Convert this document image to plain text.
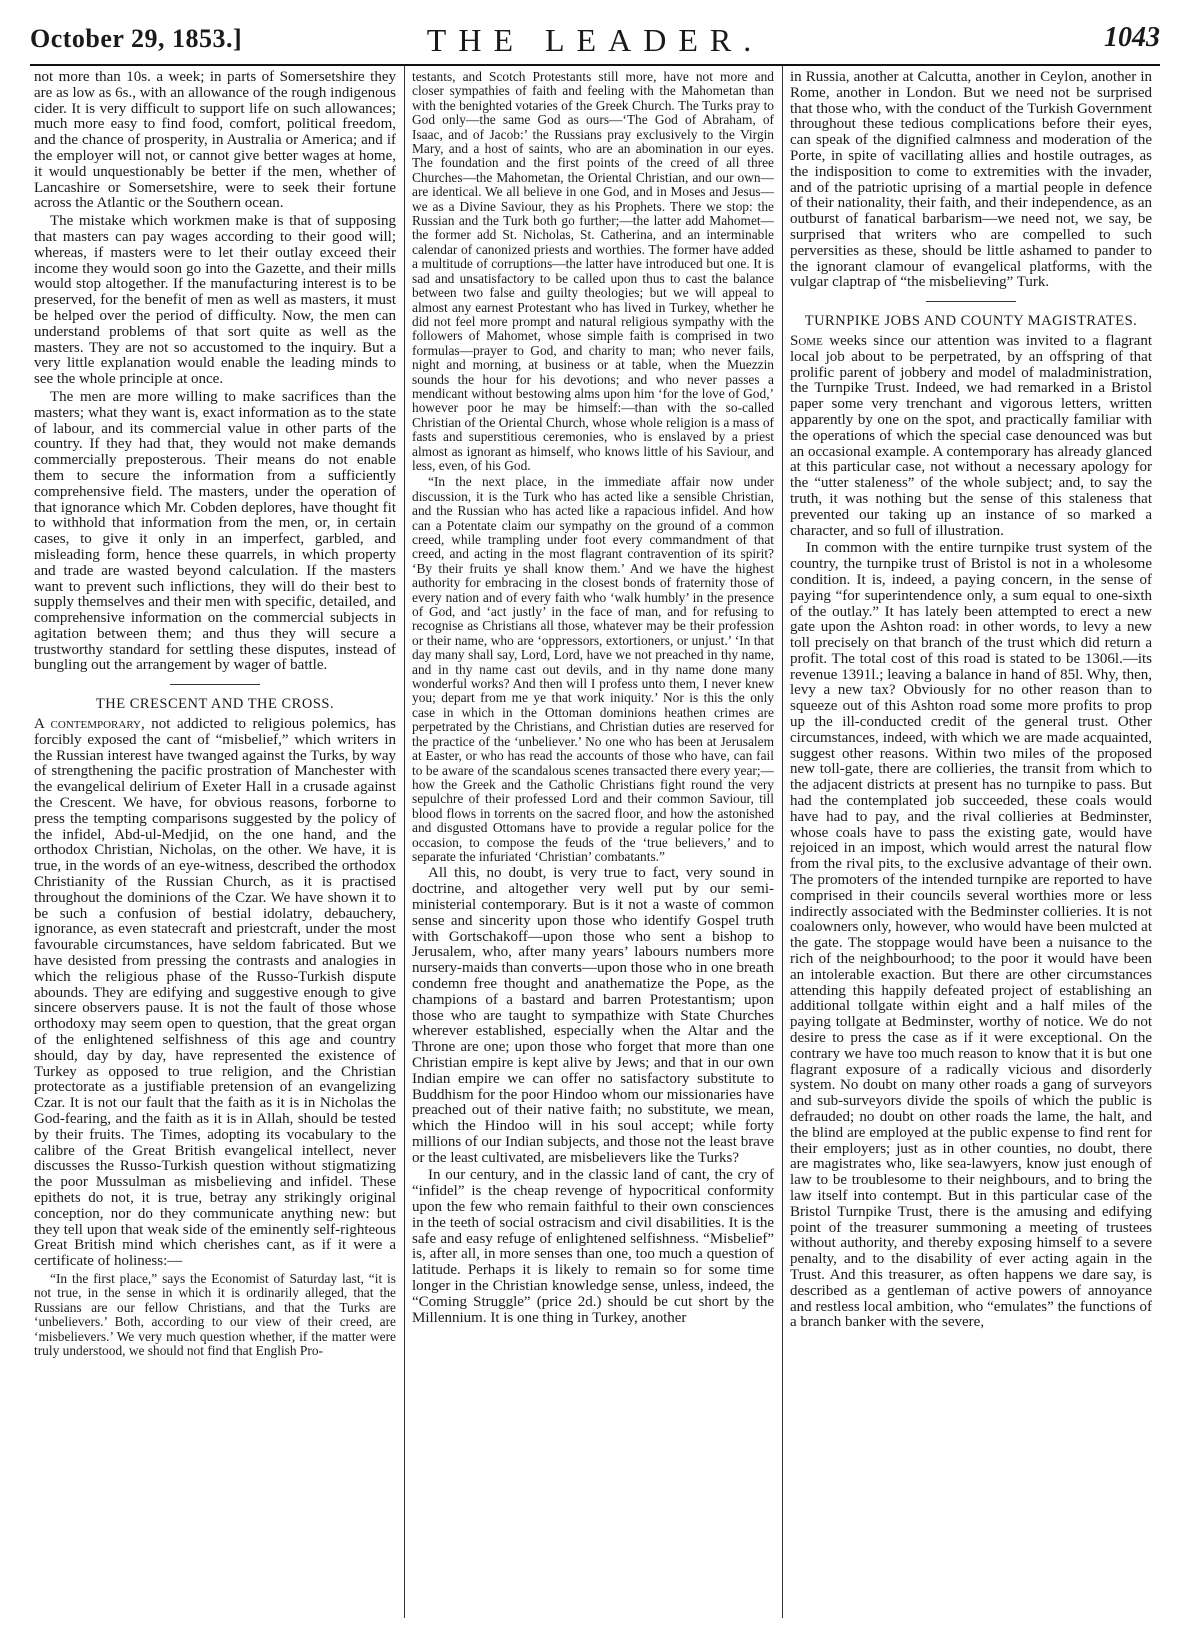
October 29, 1853.]	THE LEADER.	1043

not more than 10s. a week; in parts of Somersetshire they are as low as 6s., with an allowance of the rough indigenous cider. It is very difficult to support life on such allowances; much more easy to find food, comfort, political freedom, and the chance of prosperity, in Australia or America; and if the employer will not, or cannot give better wages at home, it would unquestionably be better if the men, whether of Lancashire or Somersetshire, were to seek their fortune across the Atlantic or the Southern ocean.

The mistake which workmen make is that of supposing that masters can pay wages according to their good will; whereas, if masters were to let their outlay exceed their income they would soon go into the Gazette, and their mills would stop altogether. If the manufacturing interest is to be preserved, for the benefit of men as well as masters, it must be helped over the period of difficulty. Now, the men can understand problems of that sort quite as well as the masters. They are not so accustomed to the inquiry. But a very little explanation would enable the leading minds to see the whole principle at once.

The men are more willing to make sacrifices than the masters; what they want is, exact information as to the state of labour, and its commercial value in other parts of the country. If they had that, they would not make demands commercially preposterous. Their means do not enable them to secure the information from a sufficiently comprehensive field. The masters, under the operation of that ignorance which Mr. Cobden deplores, have thought fit to withhold that information from the men, or, in certain cases, to give it only in an imperfect, garbled, and misleading form, hence these quarrels, in which property and trade are wasted beyond calculation. If the masters want to prevent such inflictions, they will do their best to supply themselves and their men with specific, detailed, and comprehensive information on the commercial subjects in agitation between them; and thus they will secure a trustworthy standard for settling these disputes, instead of bungling out the arrangement by wager of battle.

THE CRESCENT AND THE CROSS.

A contemporary, not addicted to religious polemics, has forcibly exposed the cant of “misbelief,” which writers in the Russian interest have twanged against the Turks, by way of strengthening the pacific prostration of Manchester with the evangelical delirium of Exeter Hall in a crusade against the Crescent. We have, for obvious reasons, forborne to press the tempting comparisons suggested by the policy of the infidel, Abd-ul-Medjid, on the one hand, and the orthodox Christian, Nicholas, on the other. We have, it is true, in the words of an eye-witness, described the orthodox Christianity of the Russian Church, as it is practised throughout the dominions of the Czar. We have shown it to be such a confusion of bestial idolatry, debauchery, ignorance, as even statecraft and priestcraft, under the most favourable circumstances, have seldom fabricated. But we have desisted from pressing the contrasts and analogies in which the religious phase of the Russo-Turkish dispute abounds. They are edifying and suggestive enough to give sincere observers pause. It is not the fault of those whose orthodoxy may seem open to question, that the great organ of the enlightened selfishness of this age and country should, day by day, have represented the existence of Turkey as opposed to true religion, and the Christian protectorate as a justifiable pretension of an evangelizing Czar. It is not our fault that the faith as it is in Nicholas the God-fearing, and the faith as it is in Allah, should be tested by their fruits. The Times, adopting its vocabulary to the calibre of the Great British evangelical intellect, never discusses the Russo-Turkish question without stigmatizing the poor Mussulman as misbelieving and infidel. These epithets do not, it is true, betray any strikingly original conception, nor do they communicate anything new: but they tell upon that weak side of the eminently self-righteous Great British mind which cherishes cant, as if it were a certificate of holiness:—

“In the first place,” says the Economist of Saturday last, “it is not true, in the sense in which it is ordinarily alleged, that the Russians are our fellow Christians, and that the Turks are ‘unbelievers.’ Both, according to our view of their creed, are ‘misbelievers.’ We very much question whether, if the matter were truly understood, we should not find that English Pro-

testants, and Scotch Protestants still more, have not more and closer sympathies of faith and feeling with the Mahometan than with the benighted votaries of the Greek Church. The Turks pray to God only—the same God as ours—‘The God of Abraham, of Isaac, and of Jacob:’ the Russians pray exclusively to the Virgin Mary, and a host of saints, who are an abomination in our eyes. The foundation and the first points of the creed of all three Churches—the Mahometan, the Oriental Christian, and our own—are identical. We all believe in one God, and in Moses and Jesus—we as a Divine Saviour, they as his Prophets. There we stop: the Russian and the Turk both go further;—the latter add Mahomet—the former add St. Nicholas, St. Catherina, and an interminable calendar of canonized priests and worthies. The former have added a multitude of corruptions—the latter have introduced but one. It is sad and unsatisfactory to be called upon thus to cast the balance between two false and guilty theologies; but we will appeal to almost any earnest Protestant who has lived in Turkey, whether he did not feel more prompt and natural religious sympathy with the followers of Mahomet, whose simple faith is comprised in two formulas—prayer to God, and charity to man; who never fails, night and morning, at business or at table, when the Muezzin sounds the hour for his devotions; and who never passes a mendicant without bestowing alms upon him ‘for the love of God,’ however poor he may be himself:—than with the so-called Christian of the Oriental Church, whose whole religion is a mass of fasts and superstitious ceremonies, who is enslaved by a priest almost as ignorant as himself, who knows little of his Saviour, and less, even, of his God.

“In the next place, in the immediate affair now under discussion, it is the Turk who has acted like a sensible Christian, and the Russian who has acted like a rapacious infidel. And how can a Potentate claim our sympathy on the ground of a common creed, while trampling under foot every commandment of that creed, and acting in the most flagrant contravention of its spirit? ‘By their fruits ye shall know them.’ And we have the highest authority for embracing in the closest bonds of fraternity those of every nation and of every faith who ‘walk humbly’ in the presence of God, and ‘act justly’ in the face of man, and for refusing to recognise as Christians all those, whatever may be their profession or their name, who are ‘oppressors, extortioners, or unjust.’ ‘In that day many shall say, Lord, Lord, have we not preached in thy name, and in thy name cast out devils, and in thy name done many wonderful works? And then will I profess unto them, I never knew you; depart from me ye that work iniquity.’ Nor is this the only case in which in the Ottoman dominions heathen crimes are perpetrated by the Christians, and Christian duties are reserved for the practice of the ‘unbeliever.’ No one who has been at Jerusalem at Easter, or who has read the accounts of those who have, can fail to be aware of the scandalous scenes transacted there every year;—how the Greek and the Catholic Christians fight round the very sepulchre of their professed Lord and their common Saviour, till blood flows in torrents on the sacred floor, and how the astonished and disgusted Ottomans have to provide a regular police for the occasion, to compose the feuds of the ‘true believers,’ and to separate the infuriated ‘Christian’ combatants.”

All this, no doubt, is very true to fact, very sound in doctrine, and altogether very well put by our semi-ministerial contemporary. But is it not a waste of common sense and sincerity upon those who identify Gospel truth with Gortschakoff—upon those who sent a bishop to Jerusalem, who, after many years’ labours numbers more nursery-maids than converts—upon those who in one breath condemn free thought and anathematize the Pope, as the champions of a bastard and barren Protestantism; upon those who are taught to sympathize with State Churches wherever established, especially when the Altar and the Throne are one; upon those who forget that more than one Christian empire is kept alive by Jews; and that in our own Indian empire we can offer no satisfactory substitute to Buddhism for the poor Hindoo whom our missionaries have preached out of their native faith; no substitute, we mean, which the Hindoo will in his soul accept; while forty millions of our Indian subjects, and those not the least brave or the least cultivated, are misbelievers like the Turks?

In our century, and in the classic land of cant, the cry of “infidel” is the cheap revenge of hypocritical conformity upon the few who remain faithful to their own consciences in the teeth of social ostracism and civil disabilities. It is the safe and easy refuge of enlightened selfishness. “Misbelief” is, after all, in more senses than one, too much a question of latitude. Perhaps it is likely to remain so for some time longer in the Christian knowledge sense, unless, indeed, the “Coming Struggle” (price 2d.) should be cut short by the Millennium. It is one thing in Turkey, another

in Russia, another at Calcutta, another in Ceylon, another in Rome, another in London. But we need not be surprised that those who, with the conduct of the Turkish Government throughout these tedious complications before their eyes, can speak of the dignified calmness and moderation of the Porte, in spite of vacillating allies and hostile outrages, as the indisposition to come to extremities with the invader, and of the patriotic uprising of a martial people in defence of their nationality, their faith, and their independence, as an outburst of fanatical barbarism—we need not, we say, be surprised that writers who are compelled to such perversities as these, should be little ashamed to pander to the ignorant clamour of evangelical platforms, with the vulgar claptrap of “the misbelieving” Turk.

TURNPIKE JOBS AND COUNTY MAGISTRATES.

Some weeks since our attention was invited to a flagrant local job about to be perpetrated, by an offspring of that prolific parent of jobbery and model of maladministration, the Turnpike Trust. Indeed, we had remarked in a Bristol paper some very trenchant and vigorous letters, written apparently by one on the spot, and practically familiar with the operations of which the special case denounced was but an occasional example. A contemporary has already glanced at this particular case, not without a necessary apology for the “utter staleness” of the whole subject; and, to say the truth, it was nothing but the sense of this staleness that prevented our taking up an instance of so marked a character, and so full of illustration.

In common with the entire turnpike trust system of the country, the turnpike trust of Bristol is not in a wholesome condition. It is, indeed, a paying concern, in the sense of paying “for superintendence only, a sum equal to one-sixth of the outlay.” It has lately been attempted to erect a new gate upon the Ashton road: in other words, to levy a new toll precisely on that branch of the trust which did return a profit. The total cost of this road is stated to be 1306l.—its revenue 1391l.; leaving a balance in hand of 85l. Why, then, levy a new tax? Obviously for no other reason than to squeeze out of this Ashton road some more profits to prop up the ill-conducted credit of the general trust. Other circumstances, indeed, with which we are made acquainted, suggest other reasons. Within two miles of the proposed new toll-gate, there are collieries, the transit from which to the adjacent districts at present has no turnpike to pass. But had the contemplated job succeeded, these coals would have had to pay, and the rival collieries at Bedminster, whose coals have to pass the existing gate, would have rejoiced in an impost, which would arrest the natural flow from the rival pits, to the exclusive advantage of their own. The promoters of the intended turnpike are reported to have comprised in their councils several worthies more or less indirectly associated with the Bedminster collieries. It is not coalowners only, however, who would have been mulcted at the gate. The stoppage would have been a nuisance to the rich of the neighbourhood; to the poor it would have been an intolerable exaction. But there are other circumstances attending this happily defeated project of establishing an additional tollgate within eight and a half miles of the paying tollgate at Bedminster, worthy of notice. We do not desire to press the case as if it were exceptional. On the contrary we have too much reason to know that it is but one flagrant exposure of a radically vicious and disorderly system. No doubt on many other roads a gang of surveyors and sub-surveyors divide the spoils of which the public is defrauded; no doubt on other roads the lame, the halt, and the blind are employed at the public expense to find rent for their employers; just as in other counties, no doubt, there are magistrates who, like sea-lawyers, know just enough of law to be troublesome to their neighbours, and to bring the law itself into contempt. But in this particular case of the Bristol Turnpike Trust, there is the amusing and edifying point of the treasurer summoning a meeting of trustees without authority, and thereby exposing himself to a severe penalty, and to the disability of ever acting again in the Trust. And this treasurer, as often happens we dare say, is described as a gentleman of active powers of annoyance and restless local ambition, who “emulates” the functions of a branch banker with the severe,
